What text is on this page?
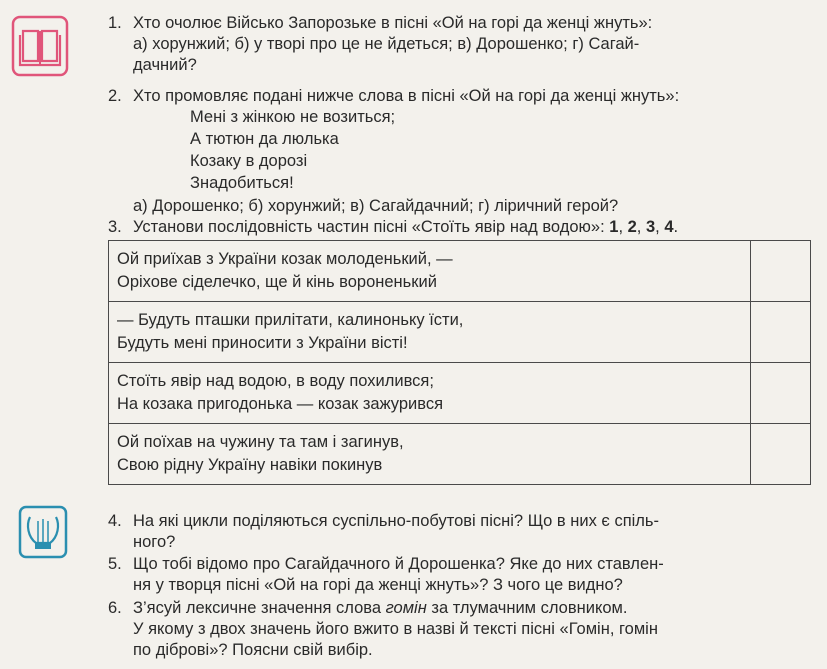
1. Хто очолює Військо Запорозьке в пісні «Ой на горі да женці жнуть»:
а) хорунжий; б) у творі про це не йдеться; в) Дорошенко; г) Сагай-
дачний?
2. Хто промовляє подані нижче слова в пісні «Ой на горі да женці жнуть»:
Мені з жінкою не возиться;
А тютюн да люлька
Козаку в дорозі
Знадобиться!
а) Дорошенко; б) хорунжий; в) Сагайдачний; г) ліричний герой?
3. Установи послідовність частин пісні «Стоїть явір над водою»: 1, 2, 3, 4.
Ой приїхав з України козак молоденький, —
Оріхове сіделечко, ще й кінь вороненький	

— Будуть пташки прилітати, калиноньку їсти,
Будуть мені приносити з України вісті!	

Стоїть явір над водою, в воду похилився;
На козака пригодонька — козак зажурився	

Ой поїхав на чужину та там і загинув,
Свою рідну Україну навіки покинув	

4. На які цикли поділяються суспільно-побутові пісні? Що в них є спіль-
ного?
5. Що тобі відомо про Сагайдачного й Дорошенка? Яке до них ставлен-
ня у творця пісні «Ой на горі да женці жнуть»? З чого це видно?
6. З’ясуй лексичне значення слова гомін за тлумачним словником.
У якому з двох значень його вжито в назві й тексті пісні «Гомін, гомін
по діброві»? Поясни свій вибір.
